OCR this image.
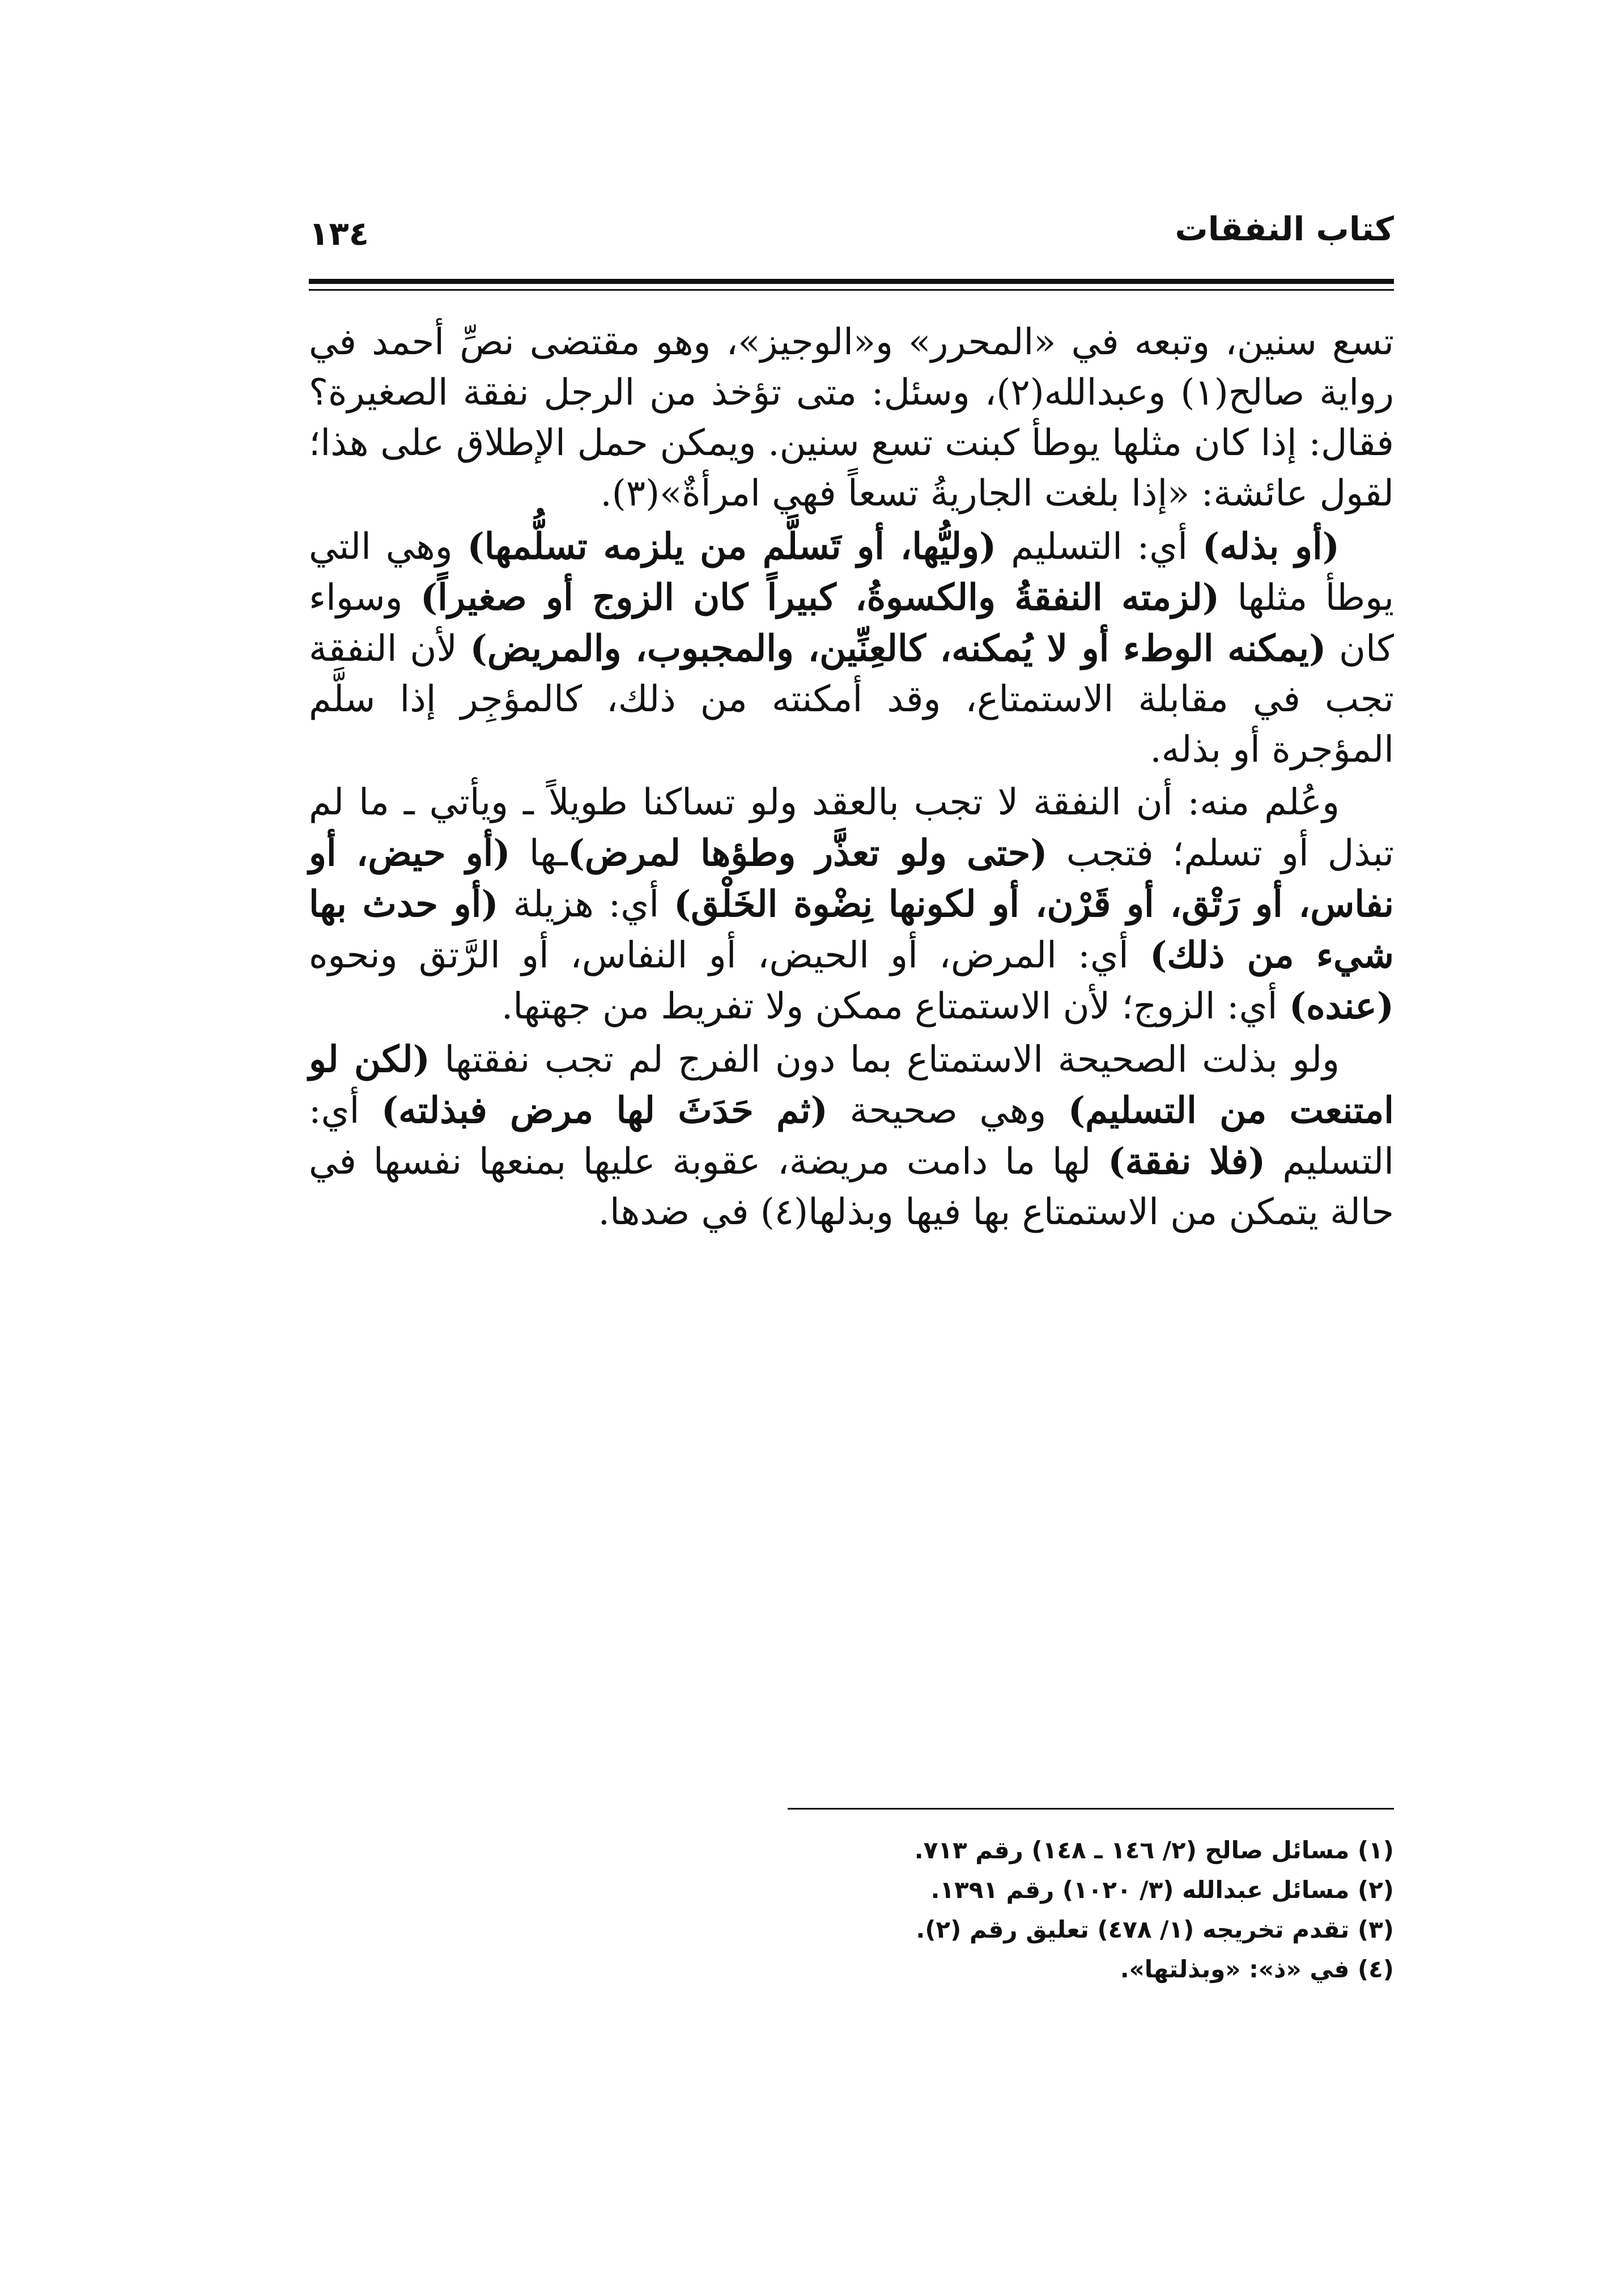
كتاب النفقات
١٣٤

تسع سنين، وتبعه في «المحرر» و«الوجيز»، وهو مقتضى نصِّ أحمد في رواية صالح(١) وعبدالله(٢)، وسئل: متى تؤخذ من الرجل نفقة الصغيرة؟ فقال: إذا كان مثلها يوطأ كبنت تسع سنين. ويمكن حمل الإطلاق على هذا؛ لقول عائشة: «إذا بلغت الجاريةُ تسعاً فهي امرأةٌ»(٣).

(أو بذله) أي: التسليم (وليُّها، أو تَسلَّم من يلزمه تسلُّمها) وهي التي يوطأ مثلها (لزمته النفقةُ والكسوةُ، كبيراً كان الزوج أو صغيراً) وسواء كان (يمكنه الوطء أو لا يُمكنه، كالعِنِّين، والمجبوب، والمريض) لأن النفقة تجب في مقابلة الاستمتاع، وقد أمكنته من ذلك، كالمؤجِر إذا سلَّم المؤجرة أو بذله.

وعُلم منه: أن النفقة لا تجب بالعقد ولو تساكنا طويلاً ـ ويأتي ـ ما لم تبذل أو تسلم؛ فتجب (حتى ولو تعذَّر وطؤها لمرض)ـها (أو حيض، أو نفاس، أو رَتْق، أو قَرْن، أو لكونها نِضْوة الخَلْق) أي: هزيلة (أو حدث بها شيء من ذلك) أي: المرض، أو الحيض، أو النفاس، أو الرَّتق ونحوه (عنده) أي: الزوج؛ لأن الاستمتاع ممكن ولا تفريط من جهتها.

ولو بذلت الصحيحة الاستمتاع بما دون الفرج لم تجب نفقتها (لكن لو امتنعت من التسليم) وهي صحيحة (ثم حَدَثَ لها مرض فبذلته) أي: التسليم (فلا نفقة) لها ما دامت مريضة، عقوبة عليها بمنعها نفسها في حالة يتمكن من الاستمتاع بها فيها وبذلها(٤) في ضدها.

(١) مسائل صالح (٢/ ١٤٦ ـ ١٤٨) رقم ٧١٣.
(٢) مسائل عبدالله (٣/ ١٠٢٠) رقم ١٣٩١.
(٣) تقدم تخريجه (١/ ٤٧٨) تعليق رقم (٢).
(٤) في «ذ»: «وبذلتها».
